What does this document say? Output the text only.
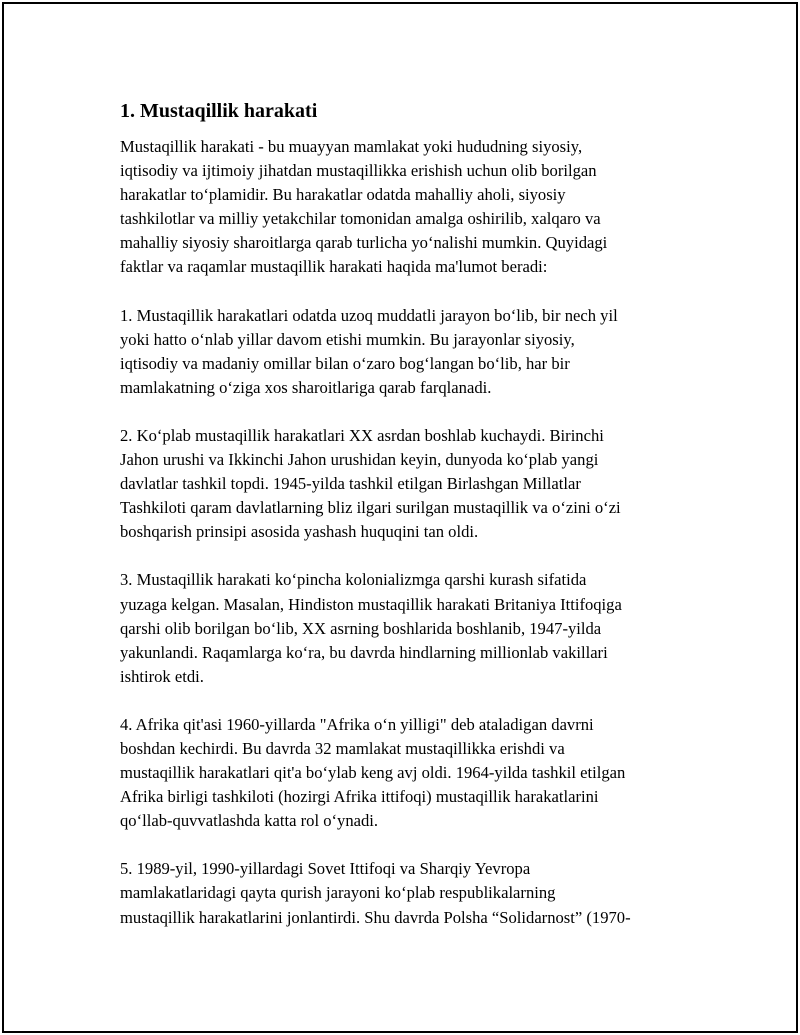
1. Mustaqillik harakati

Mustaqillik harakati - bu muayyan mamlakat yoki hududning siyosiy,
iqtisodiy va ijtimoiy jihatdan mustaqillikka erishish uchun olib borilgan
harakatlar to‘plamidir. Bu harakatlar odatda mahalliy aholi, siyosiy
tashkilotlar va milliy yetakchilar tomonidan amalga oshirilib, xalqaro va
mahalliy siyosiy sharoitlarga qarab turlicha yo‘nalishi mumkin. Quyidagi
faktlar va raqamlar mustaqillik harakati haqida ma'lumot beradi:

1. Mustaqillik harakatlari odatda uzoq muddatli jarayon bo‘lib, bir nech yil
yoki hatto o‘nlab yillar davom etishi mumkin. Bu jarayonlar siyosiy,
iqtisodiy va madaniy omillar bilan o‘zaro bog‘langan bo‘lib, har bir
mamlakatning o‘ziga xos sharoitlariga qarab farqlanadi.

2. Ko‘plab mustaqillik harakatlari XX asrdan boshlab kuchaydi. Birinchi
Jahon urushi va Ikkinchi Jahon urushidan keyin, dunyoda ko‘plab yangi
davlatlar tashkil topdi. 1945-yilda tashkil etilgan Birlashgan Millatlar
Tashkiloti qaram davlatlarning bliz ilgari surilgan mustaqillik va o‘zini o‘zi
boshqarish prinsipi asosida yashash huquqini tan oldi.

3. Mustaqillik harakati ko‘pincha kolonializmga qarshi kurash sifatida
yuzaga kelgan. Masalan, Hindiston mustaqillik harakati Britaniya Ittifoqiga
qarshi olib borilgan bo‘lib, XX asrning boshlarida boshlanib, 1947-yilda
yakunlandi. Raqamlarga ko‘ra, bu davrda hindlarning millionlab vakillari
ishtirok etdi.

4. Afrika qit'asi 1960-yillarda "Afrika o‘n yilligi" deb ataladigan davrni
boshdan kechirdi. Bu davrda 32 mamlakat mustaqillikka erishdi va
mustaqillik harakatlari qit'a bo‘ylab keng avj oldi. 1964-yilda tashkil etilgan
Afrika birligi tashkiloti (hozirgi Afrika ittifoqi) mustaqillik harakatlarini
qo‘llab-quvvatlashda katta rol o‘ynadi.

5. 1989-yil, 1990-yillardagi Sovet Ittifoqi va Sharqiy Yevropa
mamlakatlaridagi qayta qurish jarayoni ko‘plab respublikalarning
mustaqillik harakatlarini jonlantirdi. Shu davrda Polsha “Solidarnost” (1970-
